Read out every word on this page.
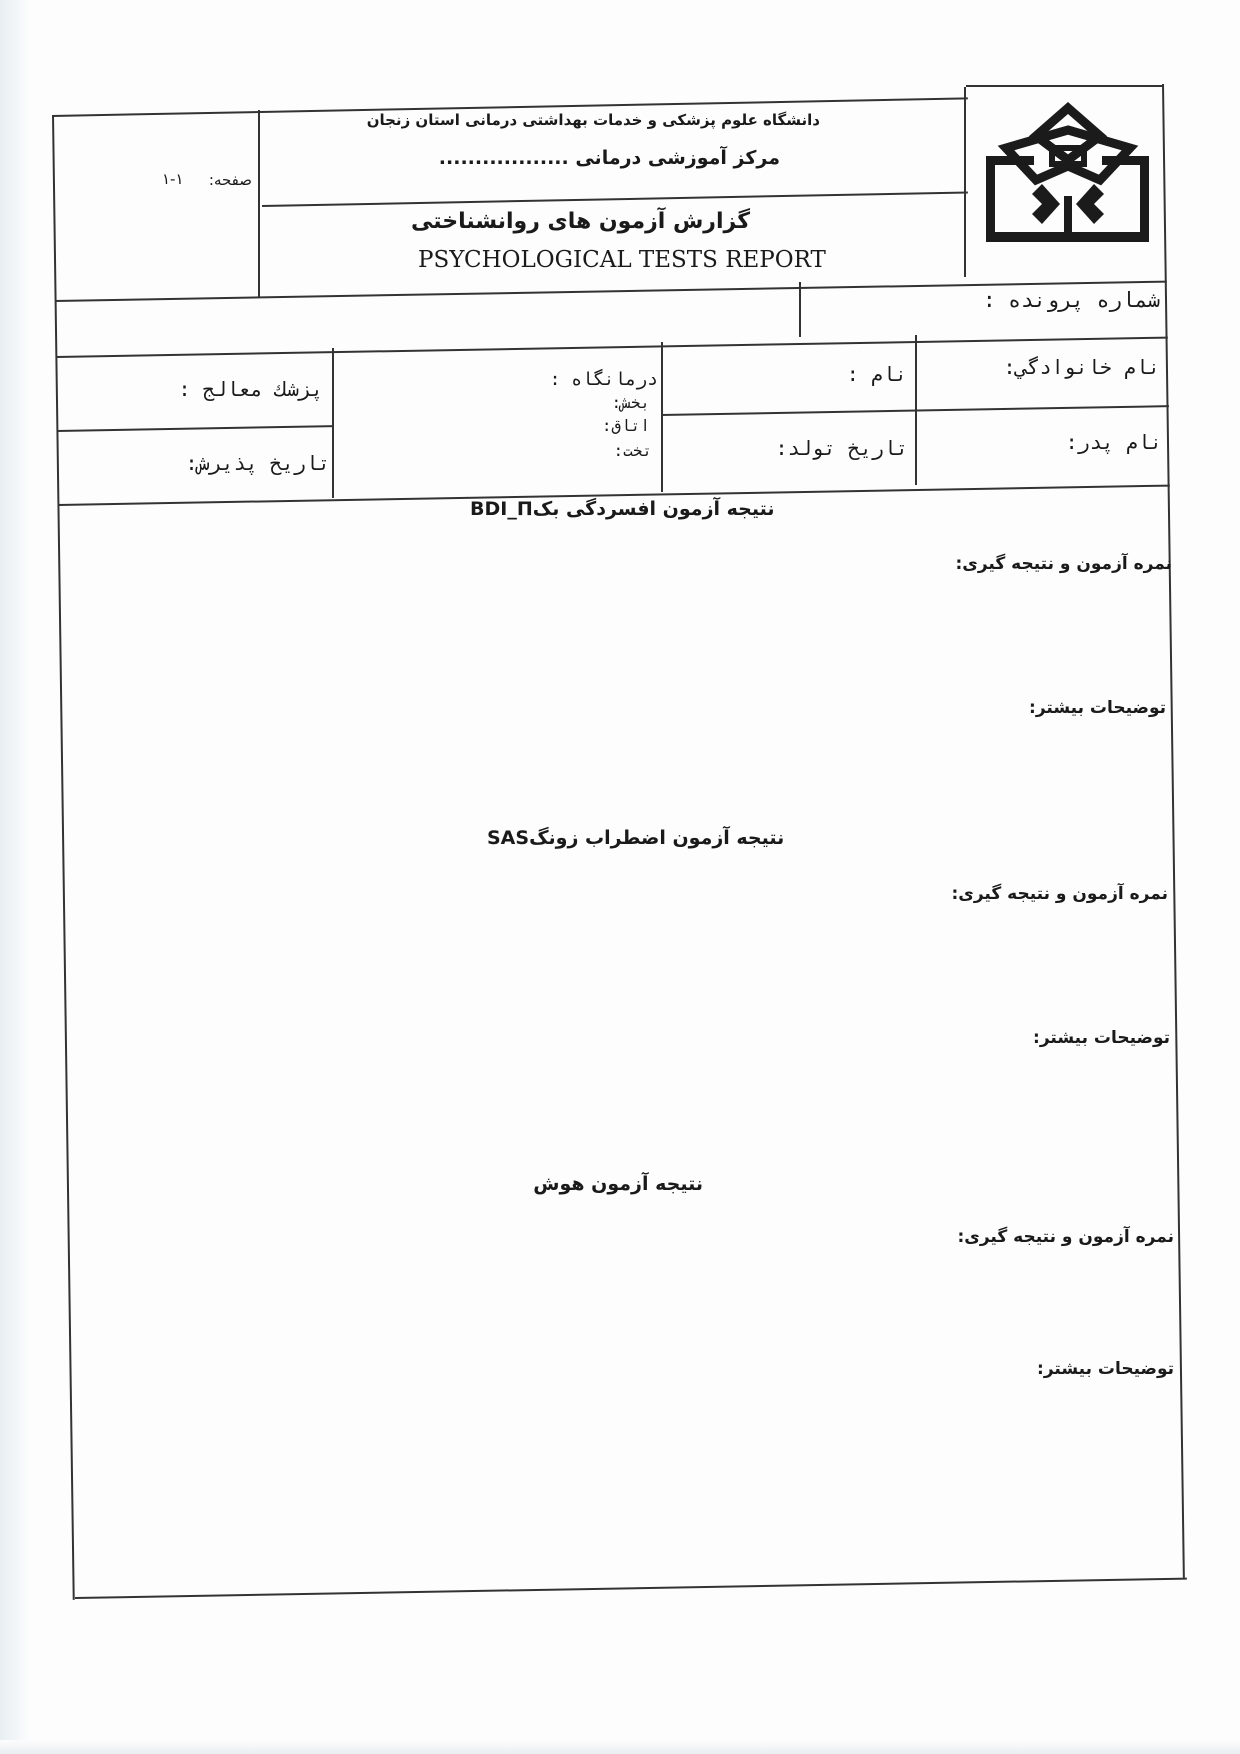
دانشگاه علوم پزشکی و خدمات بهداشتی درمانی استان زنجان
مرکز آموزشی درمانی ..................
صفحه:
۱-۱
گزارش آزمون های روانشناختی
PSYCHOLOGICAL TESTS REPORT
شماره پرونده :
نام خانوادگي:
نام :
درمانگاه :
بخش:
اتاق:
تخت:
پزشك معالج :
نام پدر:
تاريخ تولد:
تاريخ پذيرش:
BDI_Πنتیجه آزمون افسردگی بک
نمره آزمون و نتیجه گیری:
توضیحات بیشتر:
SASنتیجه آزمون اضطراب زونگ
نمره آزمون و نتیجه گیری:
توضیحات بیشتر:
نتیجه آزمون هوش
نمره آزمون و نتیجه گیری:
توضیحات بیشتر:
